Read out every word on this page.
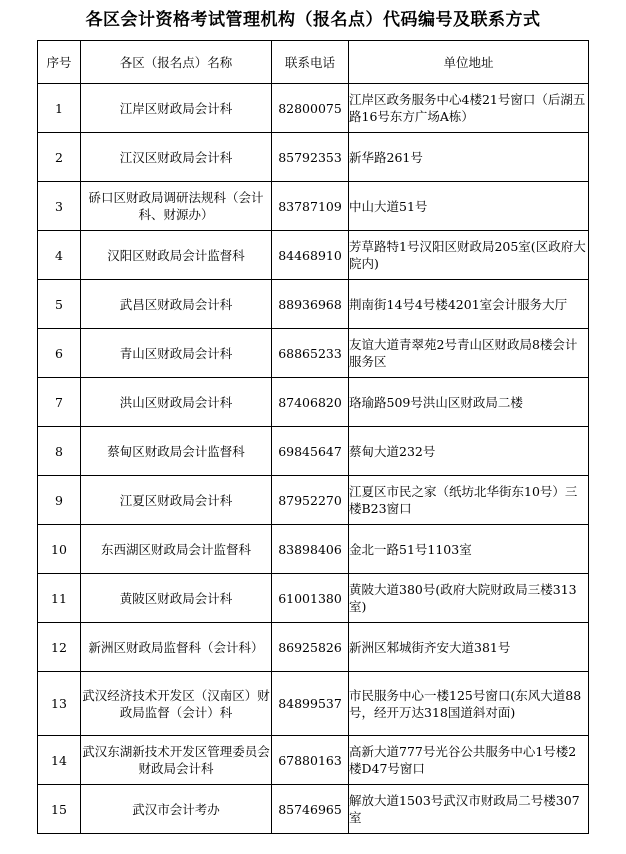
各区会计资格考试管理机构（报名点）代码编号及联系方式
序号	各区（报名点）名称	联系电话	单位地址
1	江岸区财政局会计科	82800075	江岸区政务服务中心4楼21号窗口（后湖五路16号东方广场A栋）
2	江汉区财政局会计科	85792353	新华路261号
3	硚口区财政局调研法规科（会计科、财源办）	83787109	中山大道51号
4	汉阳区财政局会计监督科	84468910	芳草路特1号汉阳区财政局205室(区政府大院内)
5	武昌区财政局会计科	88936968	荆南街14号4号楼4201室会计服务大厅
6	青山区财政局会计科	68865233	友谊大道青翠苑2号青山区财政局8楼会计服务区
7	洪山区财政局会计科	87406820	珞瑜路509号洪山区财政局二楼
8	蔡甸区财政局会计监督科	69845647	蔡甸大道232号
9	江夏区财政局会计科	87952270	江夏区市民之家（纸坊北华街东10号）三楼B23窗口
10	东西湖区财政局会计监督科	83898406	金北一路51号1103室
11	黄陂区财政局会计科	61001380	黄陂大道380号(政府大院财政局三楼313室)
12	新洲区财政局监督科（会计科）	86925826	新洲区邾城街齐安大道381号
13	武汉经济技术开发区（汉南区）财政局监督（会计）科	84899537	市民服务中心一楼125号窗口(东风大道88号，经开万达318国道斜对面)
14	武汉东湖新技术开发区管理委员会财政局会计科	67880163	高新大道777号光谷公共服务中心1号楼2楼D47号窗口
15	武汉市会计考办	85746965	解放大道1503号武汉市财政局二号楼307室
